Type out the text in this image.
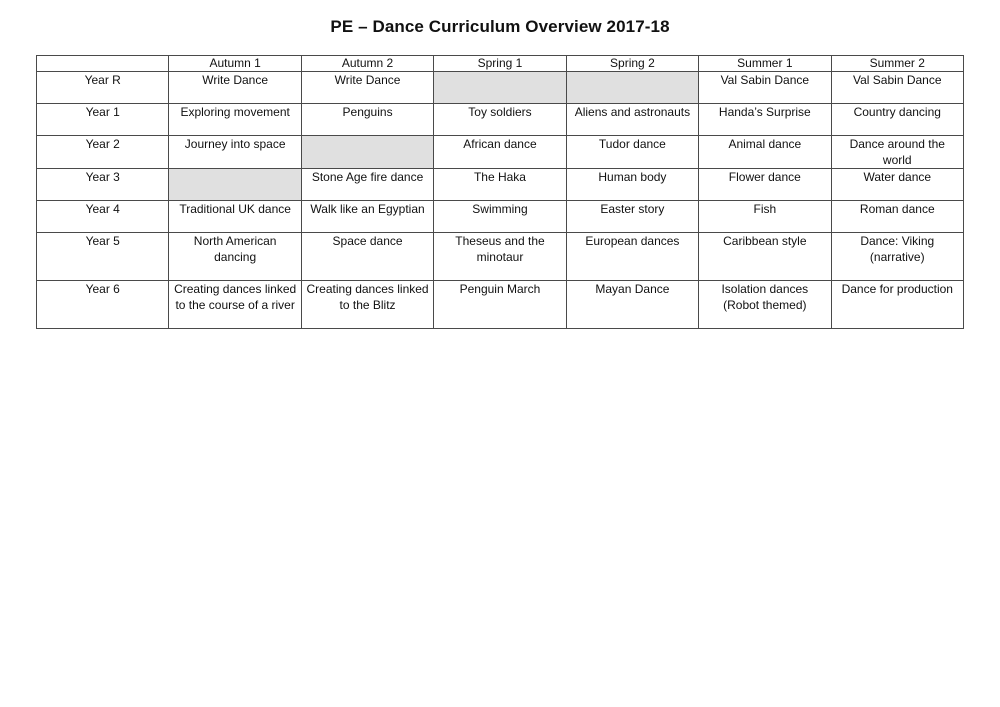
PE – Dance Curriculum Overview 2017-18
	Autumn 1	Autumn 2	Spring 1	Spring 2	Summer 1	Summer 2
Year R	Write Dance	Write Dance			Val Sabin Dance	Val Sabin Dance
Year 1	Exploring movement	Penguins	Toy soldiers	Aliens and astronauts	Handa’s Surprise	Country dancing
Year 2	Journey into space		African dance	Tudor dance	Animal dance	Dance around the world
Year 3		Stone Age fire dance	The Haka	Human body	Flower dance	Water dance
Year 4	Traditional UK dance	Walk like an Egyptian	Swimming	Easter story	Fish	Roman dance
Year 5	North American dancing	Space dance	Theseus and the minotaur	European dances	Caribbean style	Dance: Viking (narrative)
Year 6	Creating dances linked to the course of a river	Creating dances linked to the Blitz	Penguin March	Mayan Dance	Isolation dances (Robot themed)	Dance for production
